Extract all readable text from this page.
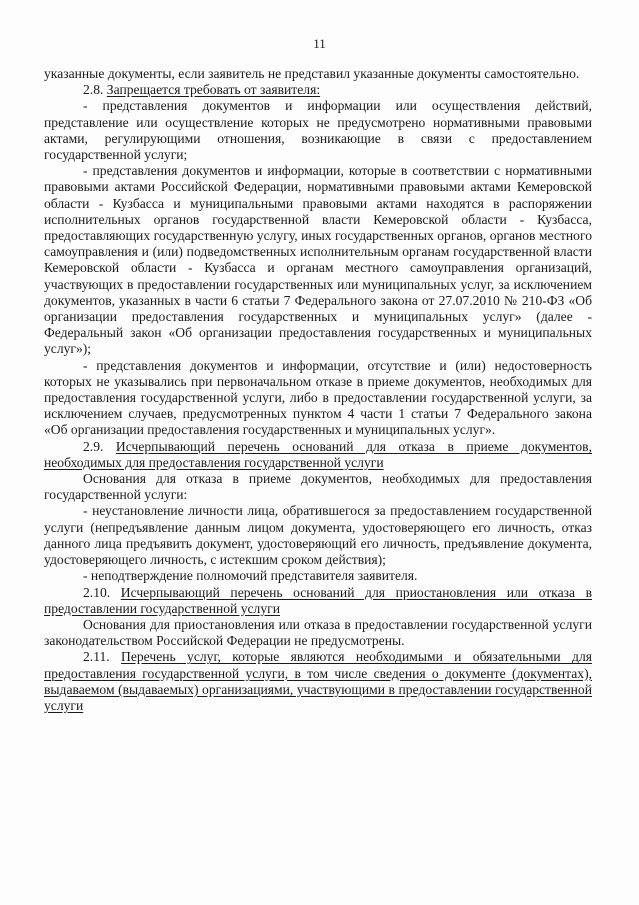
11

указанные документы, если заявитель не представил указанные документы самостоятельно.

2.8. Запрещается требовать от заявителя:

- представления документов и информации или осуществления действий, представление или осуществление которых не предусмотрено нормативными правовыми актами, регулирующими отношения, возникающие в связи с предоставлением государственной услуги;

- представления документов и информации, которые в соответствии с нормативными правовыми актами Российской Федерации, нормативными правовыми актами Кемеровской области - Кузбасса и муниципальными правовыми актами находятся в распоряжении исполнительных органов государственной власти Кемеровской области - Кузбасса, предоставляющих государственную услугу, иных государственных органов, органов местного самоуправления и (или) подведомственных исполнительным органам государственной власти Кемеровской области - Кузбасса и органам местного самоуправления организаций, участвующих в предоставлении государственных или муниципальных услуг, за исключением документов, указанных в части 6 статьи 7 Федерального закона от 27.07.2010 № 210-ФЗ «Об организации предоставления государственных и муниципальных услуг» (далее - Федеральный закон «Об организации предоставления государственных и муниципальных услуг»);

- представления документов и информации, отсутствие и (или) недостоверность которых не указывались при первоначальном отказе в приеме документов, необходимых для предоставления государственной услуги, либо в предоставлении государственной услуги, за исключением случаев, предусмотренных пунктом 4 части 1 статьи 7 Федерального закона «Об организации предоставления государственных и муниципальных услуг».

2.9. Исчерпывающий перечень оснований для отказа в приеме документов, необходимых для предоставления государственной услуги

Основания для отказа в приеме документов, необходимых для предоставления государственной услуги:

- неустановление личности лица, обратившегося за предоставлением государственной услуги (непредъявление данным лицом документа, удостоверяющего его личность, отказ данного лица предъявить документ, удостоверяющий его личность, предъявление документа, удостоверяющего личность, с истекшим сроком действия);

- неподтверждение полномочий представителя заявителя.

2.10. Исчерпывающий перечень оснований для приостановления или отказа в предоставлении государственной услуги

Основания для приостановления или отказа в предоставлении государственной услуги законодательством Российской Федерации не предусмотрены.

2.11. Перечень услуг, которые являются необходимыми и обязательными для предоставления государственной услуги, в том числе сведения о документе (документах), выдаваемом (выдаваемых) организациями, участвующими в предоставлении государственной услуги
